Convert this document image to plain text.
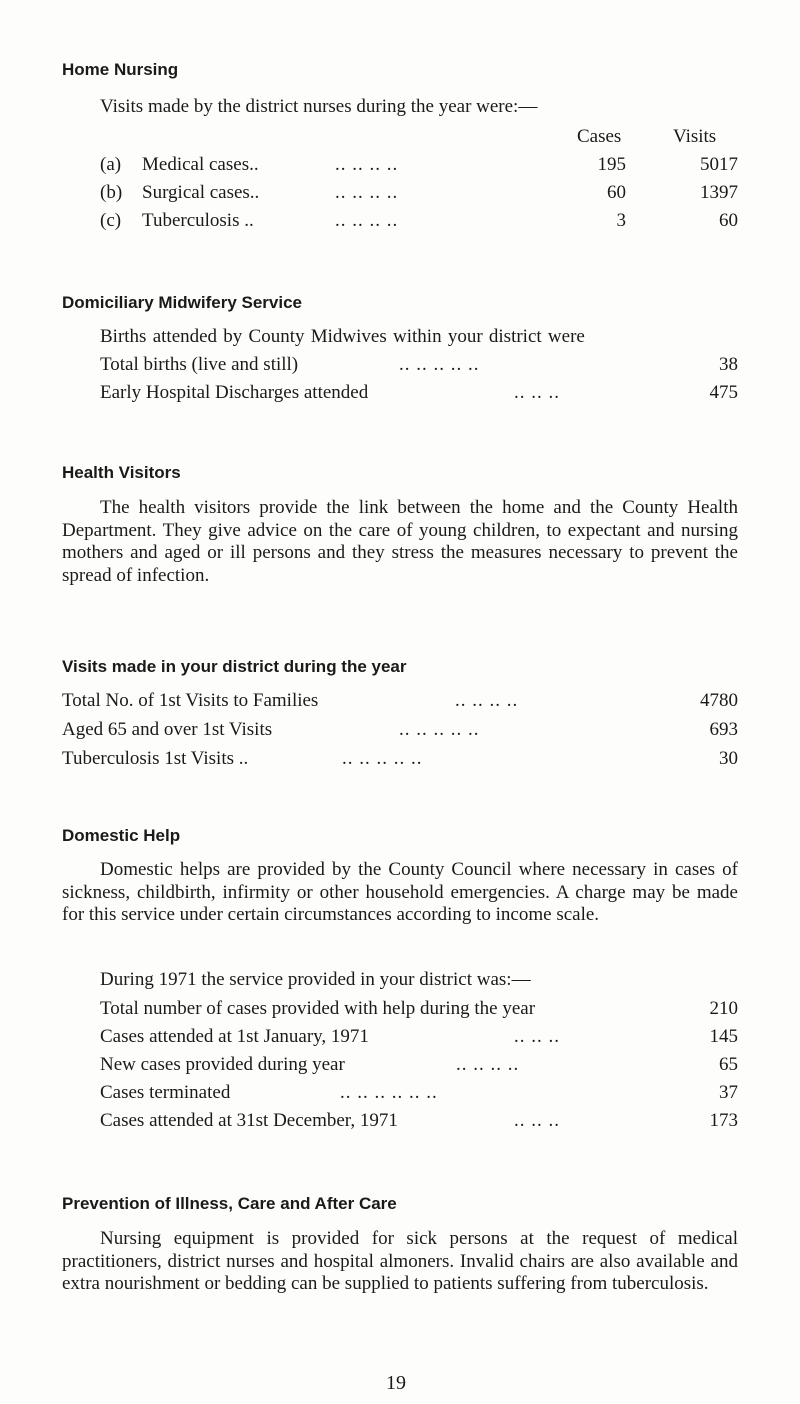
Home Nursing

Visits made by the district nurses during the year were:—

Cases	Visits
(a) Medical cases..	.. .. .. ..	195	5017
(b) Surgical cases..	.. .. .. ..	60	1397
(c) Tuberculosis ..	.. .. .. ..	3	60
Domiciliary Midwifery Service

Births attended by County Midwives within your district were

Total births (live and still)	.. .. .. .. ..	38
Early Hospital Discharges attended	.. .. ..	475
Health Visitors

The health visitors provide the link between the home and the County Health Department. They give advice on the care of young children, to expectant and nursing mothers and aged or ill persons and they stress the measures necessary to prevent the spread of infection.

Visits made in your district during the year
Total No. of 1st Visits to Families	.. .. .. ..	4780
Aged 65 and over 1st Visits	.. .. .. .. ..	693
Tuberculosis 1st Visits ..	.. .. .. .. ..	30
Domestic Help

Domestic helps are provided by the County Council where necessary in cases of sickness, childbirth, infirmity or other household emergencies. A charge may be made for this service under certain circumstances according to income scale.

During 1971 the service provided in your district was:—

Total number of cases provided with help during the year	210
Cases attended at 1st January, 1971	.. .. ..	145
New cases provided during year	.. .. .. ..	65
Cases terminated	.. .. .. .. .. ..	37
Cases attended at 31st December, 1971	.. .. ..	173
Prevention of Illness, Care and After Care

Nursing equipment is provided for sick persons at the request of medical practitioners, district nurses and hospital almoners. Invalid chairs are also available and extra nourishment or bedding can be supplied to patients suffering from tuberculosis.

19
